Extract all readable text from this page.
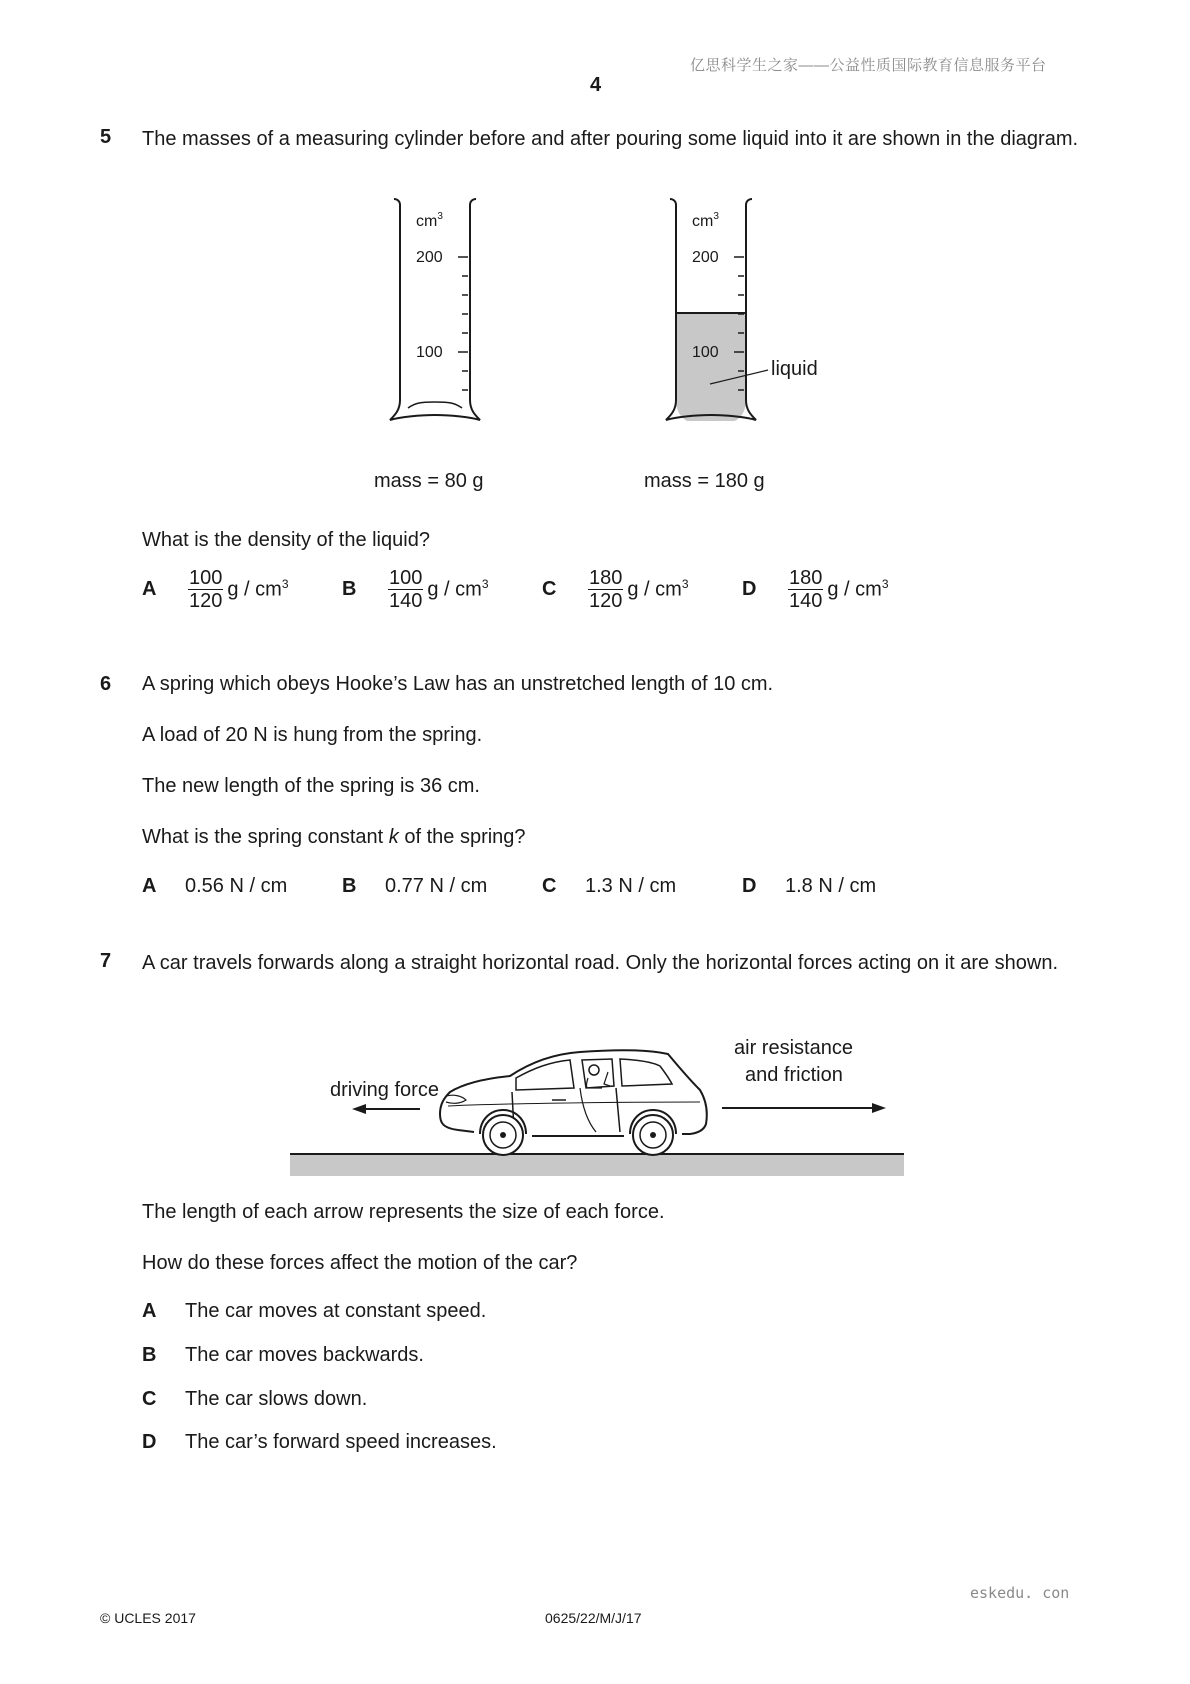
亿思科学生之家——公益性质国际教育信息服务平台
4
5 The masses of a measuring cylinder before and after pouring some liquid into it are shown in the diagram.
$cm^3$
200
100
mass = 80 g
$cm^3$
200
100
liquid
mass = 180 g
What is the density of the liquid?
A	$\frac{100}{120}$ g / $cm^3$	B	$\frac{100}{140}$ g / $cm^3$	C	$\frac{180}{120}$ g / $cm^3$	D	$\frac{180}{140}$ g / $cm^3$
6 A spring which obeys Hooke’s Law has an unstretched length of 10 cm.
A load of 20 N is hung from the spring.
The new length of the spring is 36 cm.
What is the spring constant k of the spring?
A 0.56 N / cm	B 0.77 N / cm	C 1.3 N / cm	D 1.8 N / cm
7 A car travels forwards along a straight horizontal road. Only the horizontal forces acting on it are shown.
driving force
air resistance
and friction
The length of each arrow represents the size of each force.
How do these forces affect the motion of the car?
A The car moves at constant speed.
B The car moves backwards.
C The car slows down.
D The car’s forward speed increases.
eskedu. con
© UCLES 2017	0625/22/M/J/17
